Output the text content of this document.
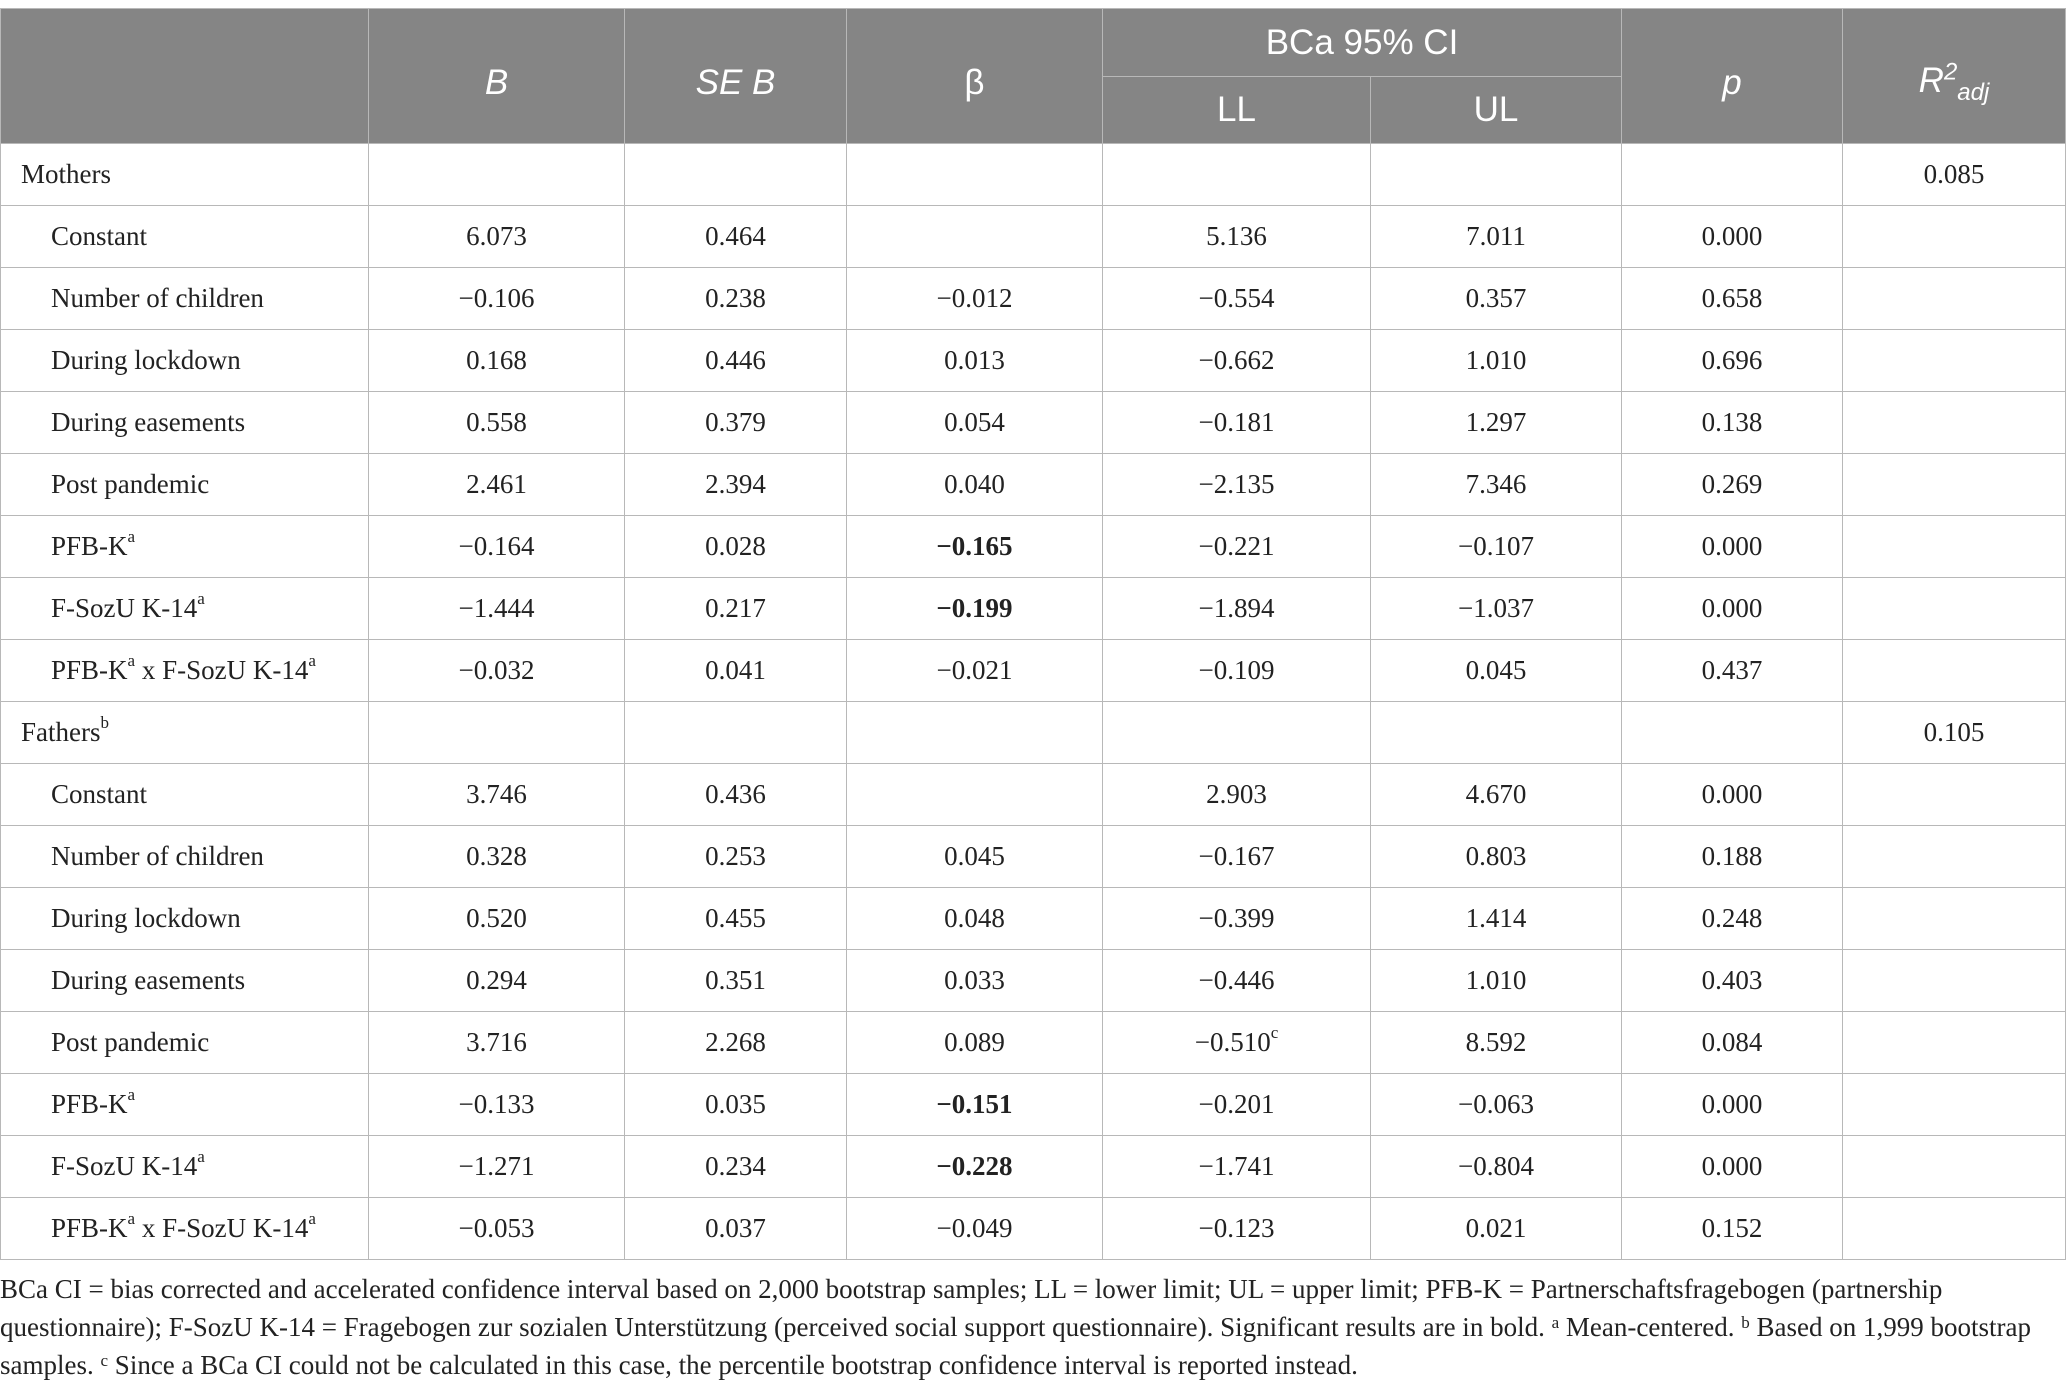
	B	SE B	β	BCa 95% CI		p	$R^2_{adj}$
				LL	UL		
Mothers							0.085
Constant	6.073	0.464		5.136	7.011	0.000	
Number of children	−0.106	0.238	−0.012	−0.554	0.357	0.658	
During lockdown	0.168	0.446	0.013	−0.662	1.010	0.696	
During easements	0.558	0.379	0.054	−0.181	1.297	0.138	
Post pandemic	2.461	2.394	0.040	−2.135	7.346	0.269	
PFB-K$^a$	−0.164	0.028	−0.165	−0.221	−0.107	0.000	
F-SozU K-14$^a$	−1.444	0.217	−0.199	−1.894	−1.037	0.000	
PFB-K$^a$ x F-SozU K-14$^a$	−0.032	0.041	−0.021	−0.109	0.045	0.437	
Fathers$^b$							0.105
Constant	3.746	0.436		2.903	4.670	0.000	
Number of children	0.328	0.253	0.045	−0.167	0.803	0.188	
During lockdown	0.520	0.455	0.048	−0.399	1.414	0.248	
During easements	0.294	0.351	0.033	−0.446	1.010	0.403	
Post pandemic	3.716	2.268	0.089	−0.510$^c$	8.592	0.084	
PFB-K$^a$	−0.133	0.035	−0.151	−0.201	−0.063	0.000	
F-SozU K-14$^a$	−1.271	0.234	−0.228	−1.741	−0.804	0.000	
PFB-K$^a$ x F-SozU K-14$^a$	−0.053	0.037	−0.049	−0.123	0.021	0.152	
BCa CI = bias corrected and accelerated confidence interval based on 2,000 bootstrap samples; LL = lower limit; UL = upper limit; PFB-K = Partnerschaftsfragebogen (partnership questionnaire); F-SozU K-14 = Fragebogen zur sozialen Unterstützung (perceived social support questionnaire). Significant results are in bold. $^a$ Mean-centered. $^b$ Based on 1,999 bootstrap samples. $^c$ Since a BCa CI could not be calculated in this case, the percentile bootstrap confidence interval is reported instead.
